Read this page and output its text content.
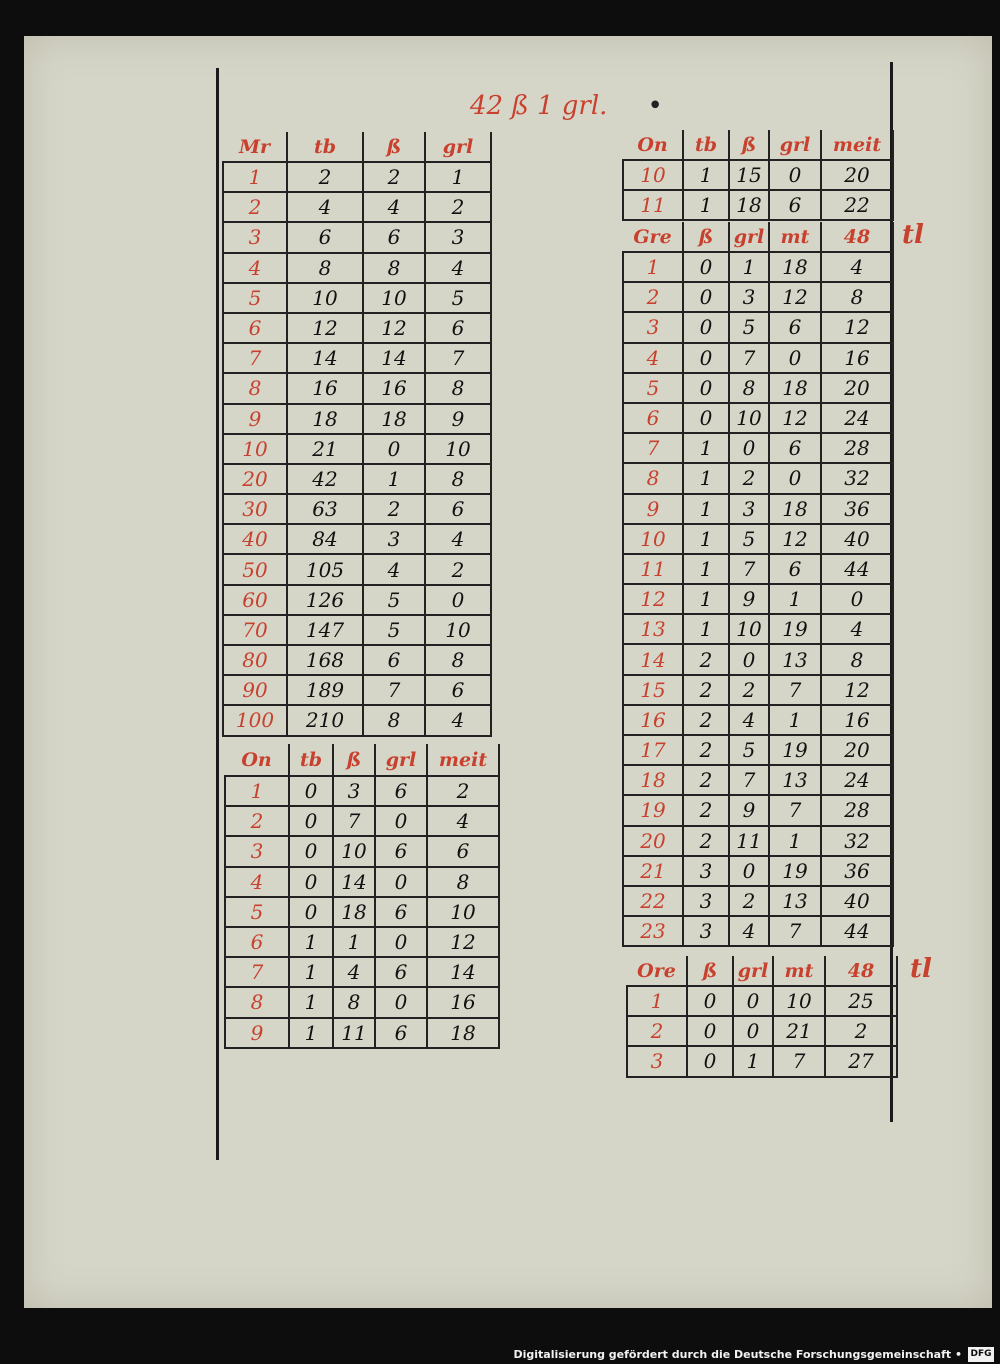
42 ß 1 grl. •
Mr	tb	ß	grl
1	2	2	1
2	4	4	2
3	6	6	3
4	8	8	4
5	10	10	5
6	12	12	6
7	14	14	7
8	16	16	8
9	18	18	9
10	21	0	10
20	42	1	8
30	63	2	6
40	84	3	4
50	105	4	2
60	126	5	0
70	147	5	10
80	168	6	8
90	189	7	6
100	210	8	4
On	tb	ß	grl	meit
1	0	3	6	2
2	0	7	0	4
3	0	10	6	6
4	0	14	0	8
5	0	18	6	10
6	1	1	0	12
7	1	4	6	14
8	1	8	0	16
9	1	11	6	18
On	tb	ß	grl	meit
10	1	15	0	20
11	1	18	6	22
Gre	ß	grl	mt	48
1	0	1	18	4
2	0	3	12	8
3	0	5	6	12
4	0	7	0	16
5	0	8	18	20
6	0	10	12	24
7	1	0	6	28
8	1	2	0	32
9	1	3	18	36
10	1	5	12	40
11	1	7	6	44
12	1	9	1	0
13	1	10	19	4
14	2	0	13	8
15	2	2	7	12
16	2	4	1	16
17	2	5	19	20
18	2	7	13	24
19	2	9	7	28
20	2	11	1	32
21	3	0	19	36
22	3	2	13	40
23	3	4	7	44
Ore	ß	grl	mt	48
1	0	0	10	25
2	0	0	21	2
3	0	1	7	27
tl
tl
Digitalisierung gefördert durch die Deutsche Forschungsgemeinschaft • DFG
